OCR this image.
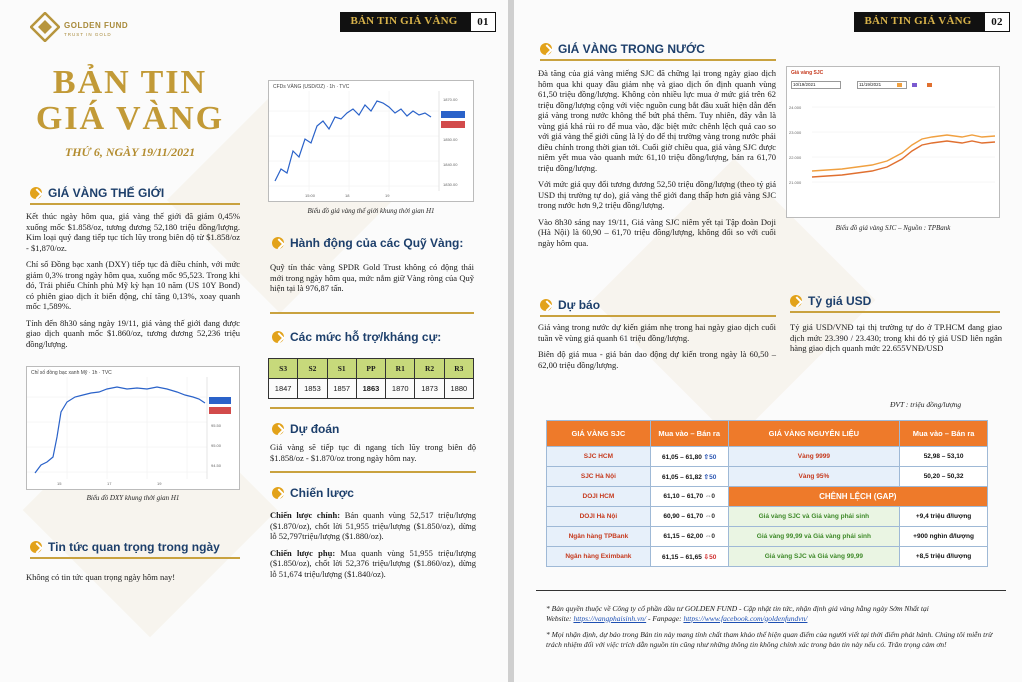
GOLDEN FUND
TRUST IN GOLD
BẢN TIN GIÁ VÀNG	01
BẢN TIN
GIÁ VÀNG
THỨ 6, NGÀY 19/11/2021
GIÁ VÀNG THẾ GIỚI

Kết thúc ngày hôm qua, giá vàng thế giới đã giảm 0,45% xuống mốc $1.858/oz, tương đương 52,180 triệu đồng/lượng. Kim loại quý đang tiếp tục tích lũy trong biên độ từ $1.858/oz - $1,870/oz.

Chỉ số Đồng bạc xanh (DXY) tiếp tục đà điều chỉnh, với mức giảm 0,3% trong ngày hôm qua, xuống mốc 95,523. Trong khi đó, Trái phiếu Chính phủ Mỹ kỳ hạn 10 năm (US 10Y Bond) có phiên giao dịch ít biến động, chỉ tăng 0,13%, xoay quanh mốc 1,589%.

Tính đến 8h30 sáng ngày 19/11, giá vàng thế giới đang được giao dịch quanh mốc $1.860/oz, tương đương 52,236 triệu đồng/lượng.

Chỉ số đồng bạc xanh Mỹ · 1h · TVC
95.50
95.00
94.50
15	17	19
Biểu đồ DXY khung thời gian H1
Tin tức quan trọng trong ngày
Không có tin tức quan trọng ngày hôm nay!
CFDs VÀNG (USD/OZ) · 1h · TVC
1870.00
1850.00
1840.00
1830.00
15:00	18	19
Biểu đồ giá vàng thế giới khung thời gian H1
Hành động của các Quỹ Vàng:
Quỹ tín thác vàng SPDR Gold Trust không có động thái mới trong ngày hôm qua, mức nắm giữ Vàng ròng của Quỹ hiện tại là 976,87 tấn.
Các mức hỗ trợ/kháng cự:
S3	S2	S1	PP	R1	R2	R3
1847	1853	1857	1863	1870	1873	1880
Dự đoán
Giá vàng sẽ tiếp tục đi ngang tích lũy trong biên độ $1.858/oz - $1.870/oz trong ngày hôm nay.
Chiến lược

Chiến lược chính: Bán quanh vùng 52,517 triệu/lượng ($1.870/oz), chốt lời 51,955 triệu/lượng ($1.850/oz), dừng lỗ 52,797triệu/lượng ($1.880/oz).

Chiến lược phụ: Mua quanh vùng 51,955 triệu/lượng ($1.850/oz), chốt lời 52,376 triệu/lượng ($1.860/oz), dừng lỗ 51,674 triệu/lượng ($1.840/oz).

BẢN TIN GIÁ VÀNG	02
GIÁ VÀNG TRONG NƯỚC

Đà tăng của giá vàng miếng SJC đã chững lại trong ngày giao dịch hôm qua khi quay đầu giảm nhẹ và giao dịch ổn định quanh vùng 61,50 triệu đồng/lượng. Không còn nhiều lực mua ở mức giá trên 62 triệu đồng/lượng cộng với việc nguồn cung bắt đầu xuất hiện dẫn đến giá vàng trong nước không thể bứt phá thêm. Tuy nhiên, đây vẫn là vùng giá khá rủi ro để mua vào, đặc biệt mức chênh lệch quá cao so với giá vàng thế giới cũng là lý do để thị trường vàng trong nước phải điều chỉnh trong thời gian tới. Cuối giờ chiều qua, giá vàng SJC được niêm yết mua vào quanh mức 61,10 triệu đồng/lượng, bán ra 61,70 triệu đồng/lượng.

Với mức giá quy đổi tương đương 52,50 triệu đồng/lượng (theo tỷ giá USD thị trường tự do), giá vàng thế giới đang thấp hơn giá vàng SJC trong nước hơn 9,2 triệu đồng/lượng.

Vào 8h30 sáng nay 19/11, Giá vàng SJC niêm yết tại Tập đoàn Doji (Hà Nội) là 60,90 – 61,70 triệu đồng/lượng, không đổi so với cuối ngày hôm qua.

Giá vàng SJC
10/19/2021	11/19/2021
24.000
23.000
22.000
21.000
Biểu đồ giá vàng SJC – Nguồn : TPBank
Dự báo

Giá vàng trong nước dự kiến giảm nhẹ trong hai ngày giao dịch cuối tuần về vùng giá quanh 61 triệu đồng/lượng.

Biên độ giá mua - giá bán dao động dự kiến trong ngày là 60,50 – 62,00 triệu đồng/lượng.

Tỷ giá USD
Tỷ giá USD/VNĐ tại thị trường tự do ở TP.HCM đang giao dịch mức 23.390 / 23.430; trong khi đó tỷ giá USD liên ngân hàng giao dịch quanh mức 22.655VNĐ/USD
ĐVT : triệu đồng/lượng
GIÁ VÀNG SJC	Mua vào – Bán ra	GIÁ VÀNG NGUYÊN LIỆU	Mua vào – Bán ra
SJC HCM	61,05 – 61,80 ⇧50	Vàng 9999	52,98 – 53,10
SJC Hà Nội	61,05 – 61,82 ⇧50	Vàng 95%	50,20 – 50,32
DOJI HCM	61,10 – 61,70 ⇔0	CHÊNH LỆCH (GAP)	
DOJI Hà Nội	60,90 – 61,70 ⇔0	Giá vàng SJC và Giá vàng phái sinh	+9,4 triệu đ/lượng
Ngân hàng TPBank	61,15 – 62,00 ⇔0	Giá vàng 99,99 và Giá vàng phái sinh	+900 nghìn đ/lượng
Ngân hàng Eximbank	61,15 – 61,65 ⇩50	Giá vàng SJC và Giá vàng 99,99	+8,5 triệu đ/lượng
* Bản quyền thuộc về Công ty cổ phần đầu tư GOLDEN FUND - Cập nhật tin tức, nhận định giá vàng hằng ngày Sớm Nhất tại
Website: https://vangphaisinh.vn/ - Fanpage: https://www.facebook.com/goldenfundvn/
* Mọi nhận định, dự báo trong Bản tin này mang tính chất tham khảo thể hiện quan điểm của người viết tại thời điểm phát hành. Chúng tôi miễn trừ trách nhiệm đối với việc trích dẫn nguồn tin cũng như những thông tin không chính xác trong bản tin này nếu có. Trân trọng cảm ơn!
